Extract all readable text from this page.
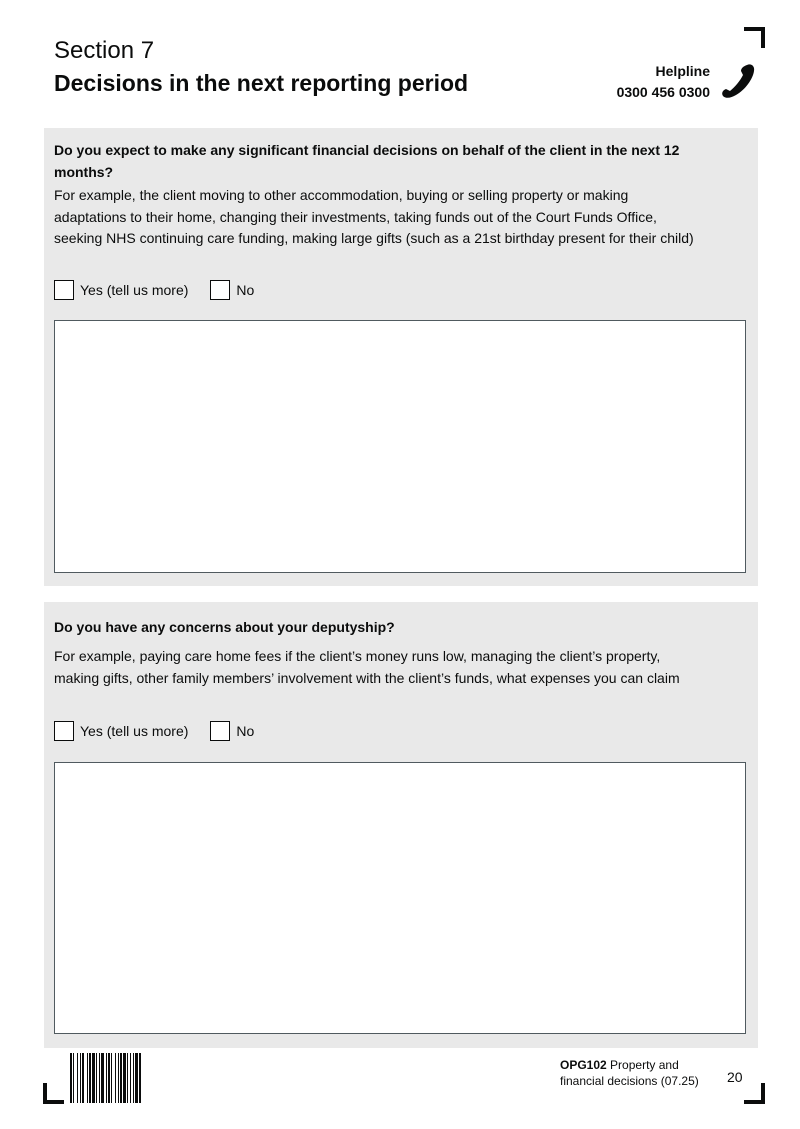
Section 7
Decisions in the next reporting period	Helpline
0300 456 0300

Do you expect to make any significant financial decisions on behalf of the client in the next 12 months?

For example, the client moving to other accommodation, buying or selling property or making adaptations to their home, changing their investments, taking funds out of the Court Funds Office, seeking NHS continuing care funding, making large gifts (such as a 21st birthday present for their child)

Yes (tell us more)	No

Do you have any concerns about your deputyship?

For example, paying care home fees if the client’s money runs low, managing the client’s property, making gifts, other family members’ involvement with the client’s funds, what expenses you can claim

Yes (tell us more)	No
OPG102 Property and financial decisions (07.25)	20
